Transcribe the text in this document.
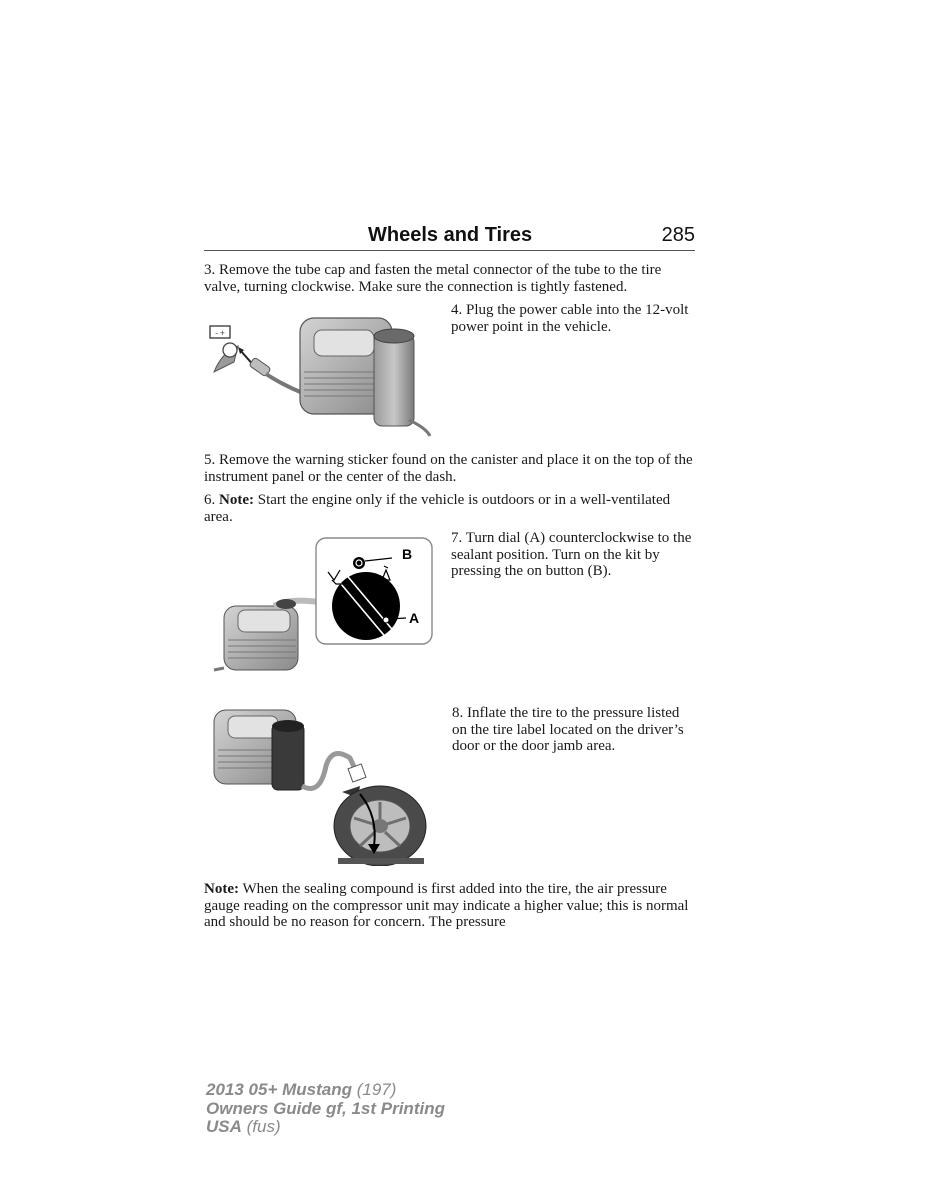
Wheels and Tires	285

3. Remove the tube cap and fasten the metal connector of the tube to the tire valve, turning clockwise. Make sure the connection is tightly fastened.

- +

4. Plug the power cable into the 12-volt power point in the vehicle.

5. Remove the warning sticker found on the canister and place it on the top of the instrument panel or the center of the dash.

6. Note: Start the engine only if the vehicle is outdoors or in a well-ventilated area.

B
A

7. Turn dial (A) counterclockwise to the sealant position. Turn on the kit by pressing the on button (B).

8. Inflate the tire to the pressure listed on the tire label located on the driver’s door or the door jamb area.

Note: When the sealing compound is first added into the tire, the air pressure gauge reading on the compressor unit may indicate a higher value; this is normal and should be no reason for concern. The pressure

2013 05+ Mustang (197)
Owners Guide gf, 1st Printing
USA (fus)
